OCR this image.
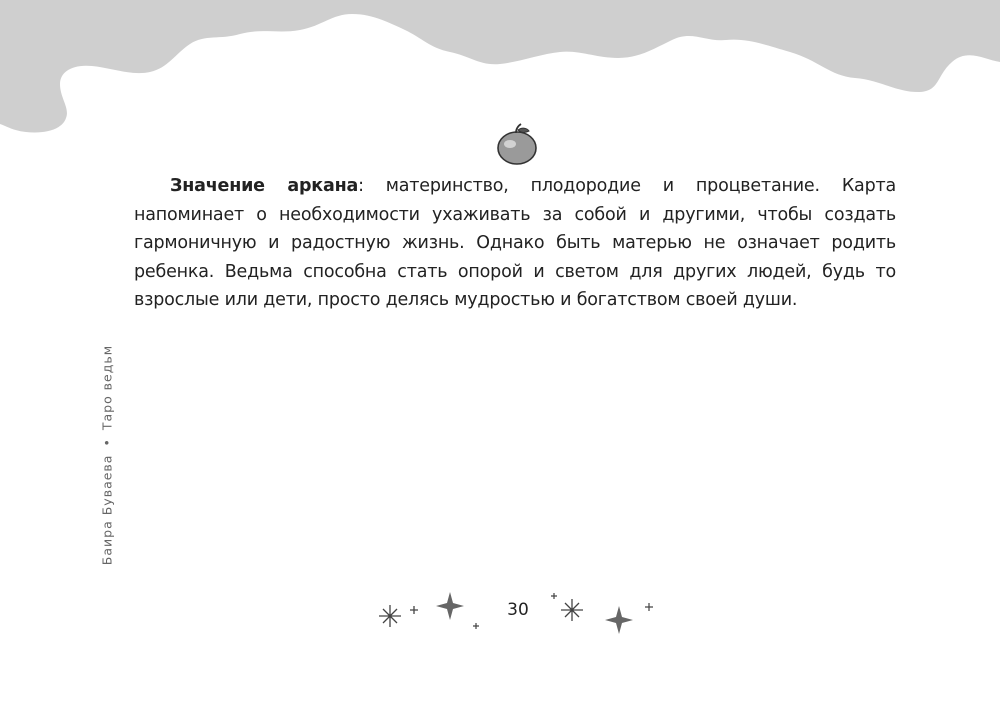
Значение аркана: материнство, плодородие и процветание. Карта напоминает о необходимости ухаживать за собой и другими, чтобы создать гармоничную и радостную жизнь. Однако быть матерью не означает родить ребенка. Ведьма способна стать опорой и светом для других людей, будь то взрослые или дети, просто делясь мудростью и богатством своей души.

Баира Буваева•Таро ведьм
30
